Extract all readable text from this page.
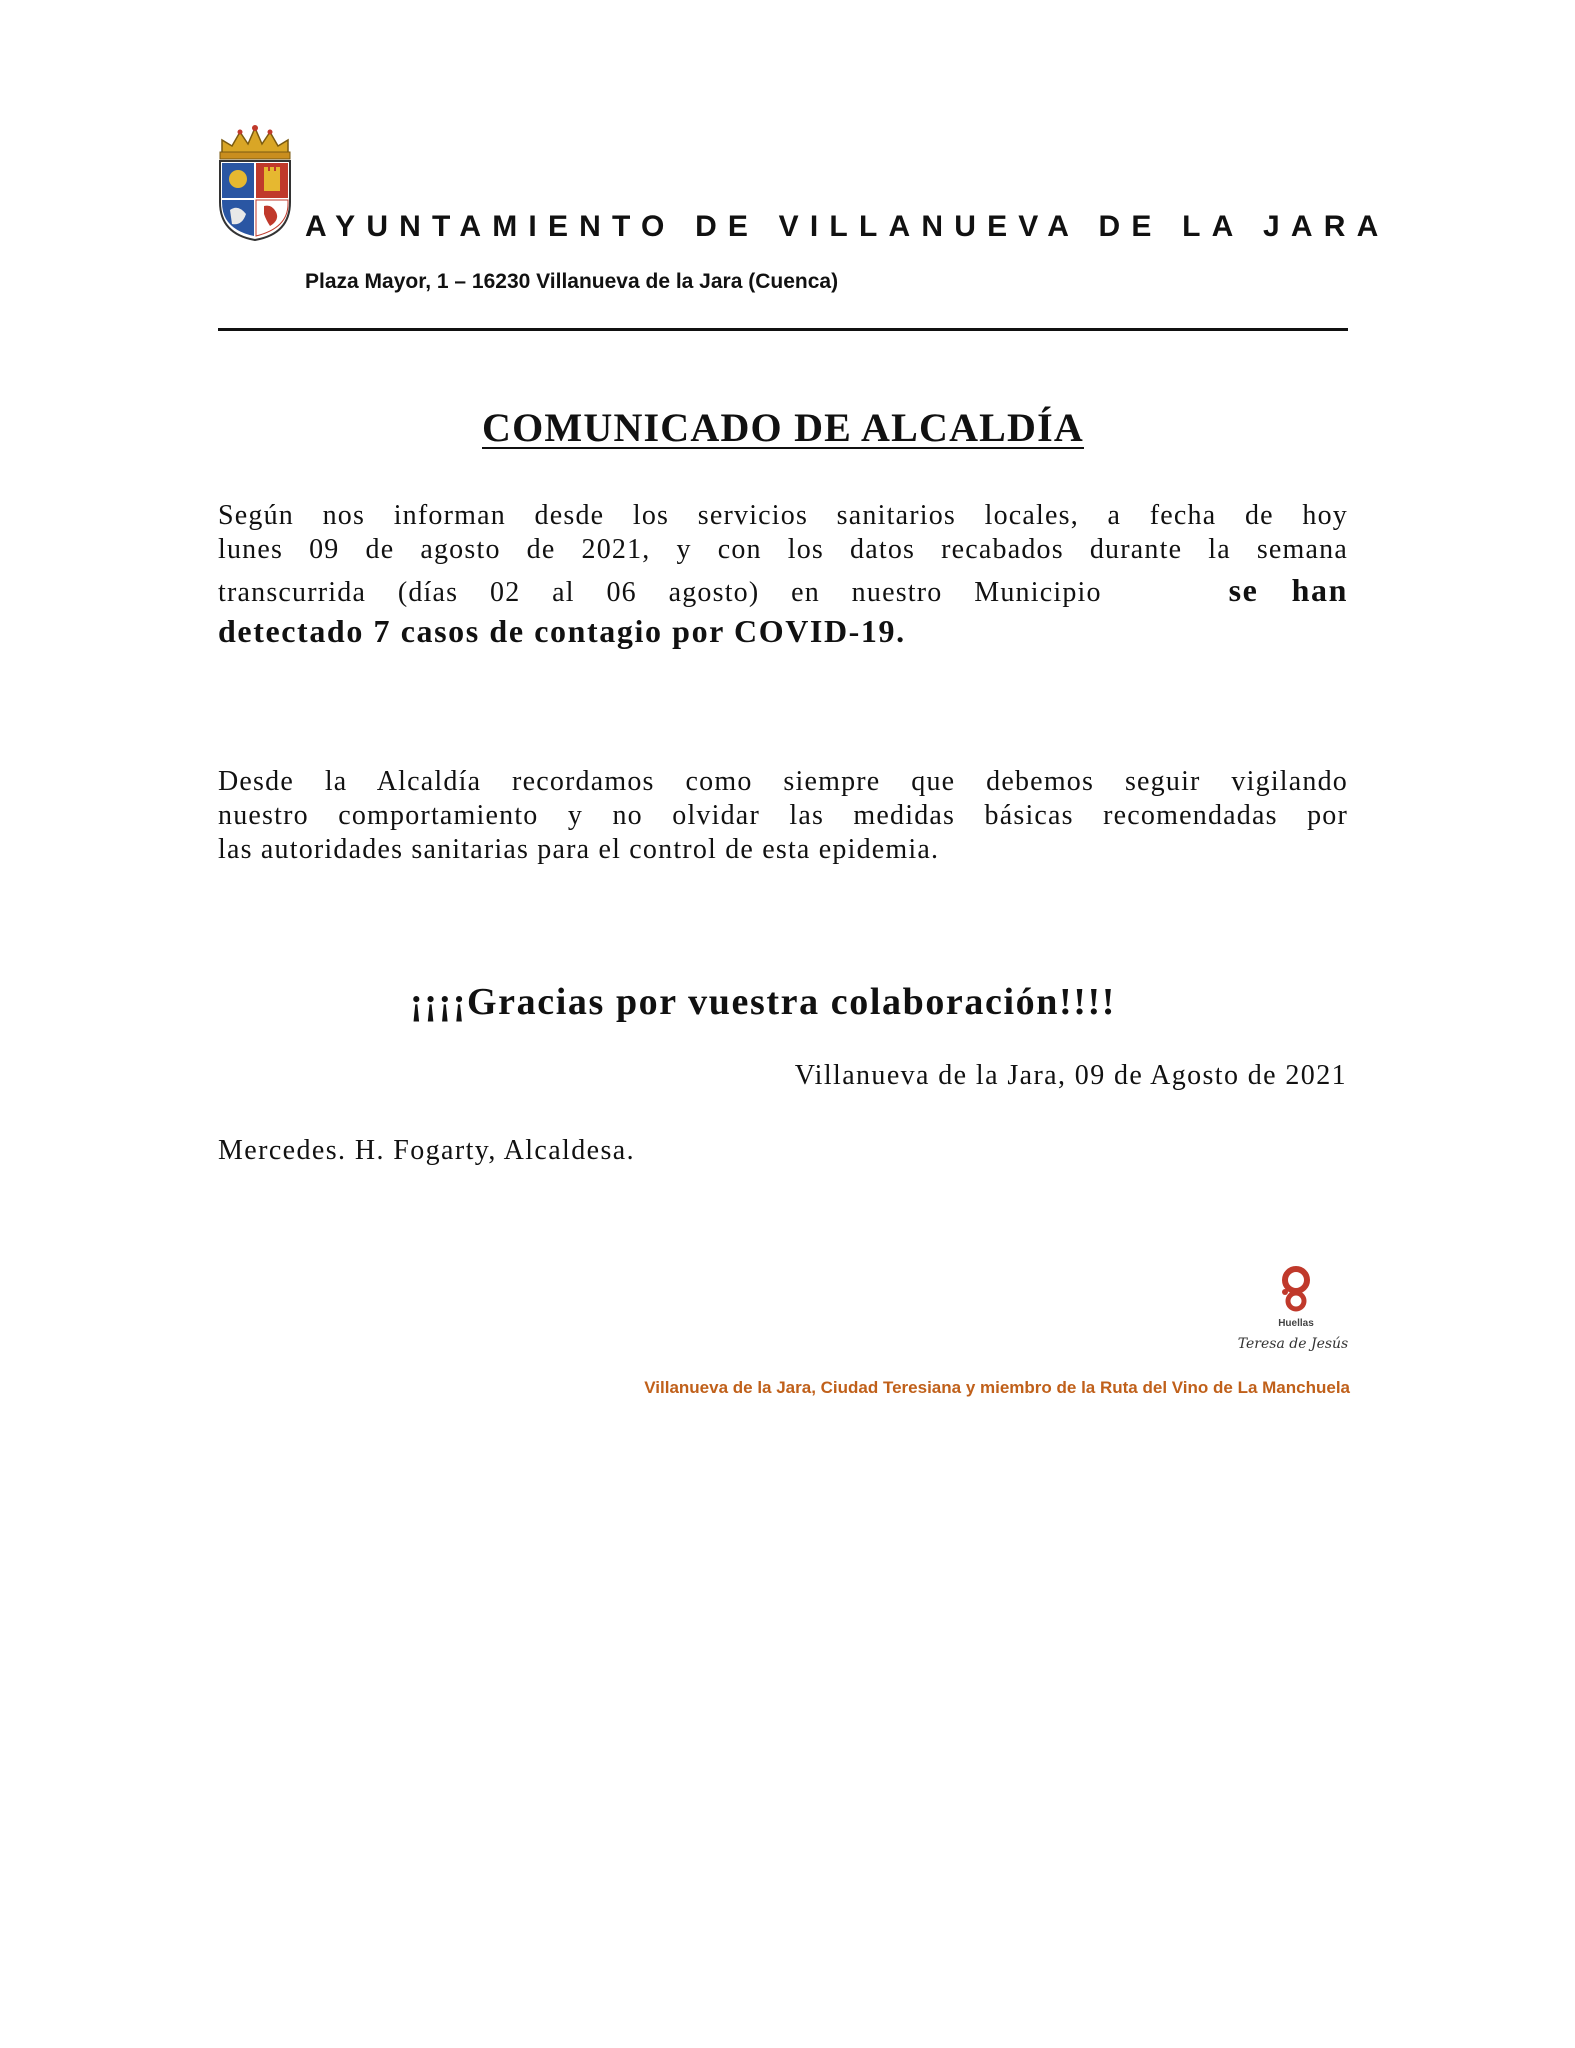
AYUNTAMIENTO DE VILLANUEVA DE LA JARA
Plaza Mayor, 1 – 16230 Villanueva de la Jara (Cuenca)
COMUNICADO DE ALCALDÍA
Según nos informan desde los servicios sanitarios locales, a fecha de hoy
lunes 09 de agosto de 2021, y con los datos recabados durante la semana
transcurrida (días 02 al 06 agosto) en nuestro Municipio	se han
detectado 7 casos de contagio por COVID-19.
Desde la Alcaldía recordamos como siempre que debemos seguir vigilando
nuestro comportamiento y no olvidar las medidas básicas recomendadas por
las autoridades sanitarias para el control de esta epidemia.
¡¡¡¡Gracias por vuestra colaboración!!!!
Villanueva de la Jara, 09 de Agosto de 2021
Mercedes. H. Fogarty, Alcaldesa.
Huellas
Teresa de Jesús
Villanueva de la Jara, Ciudad Teresiana y miembro de la Ruta del Vino de La Manchuela
